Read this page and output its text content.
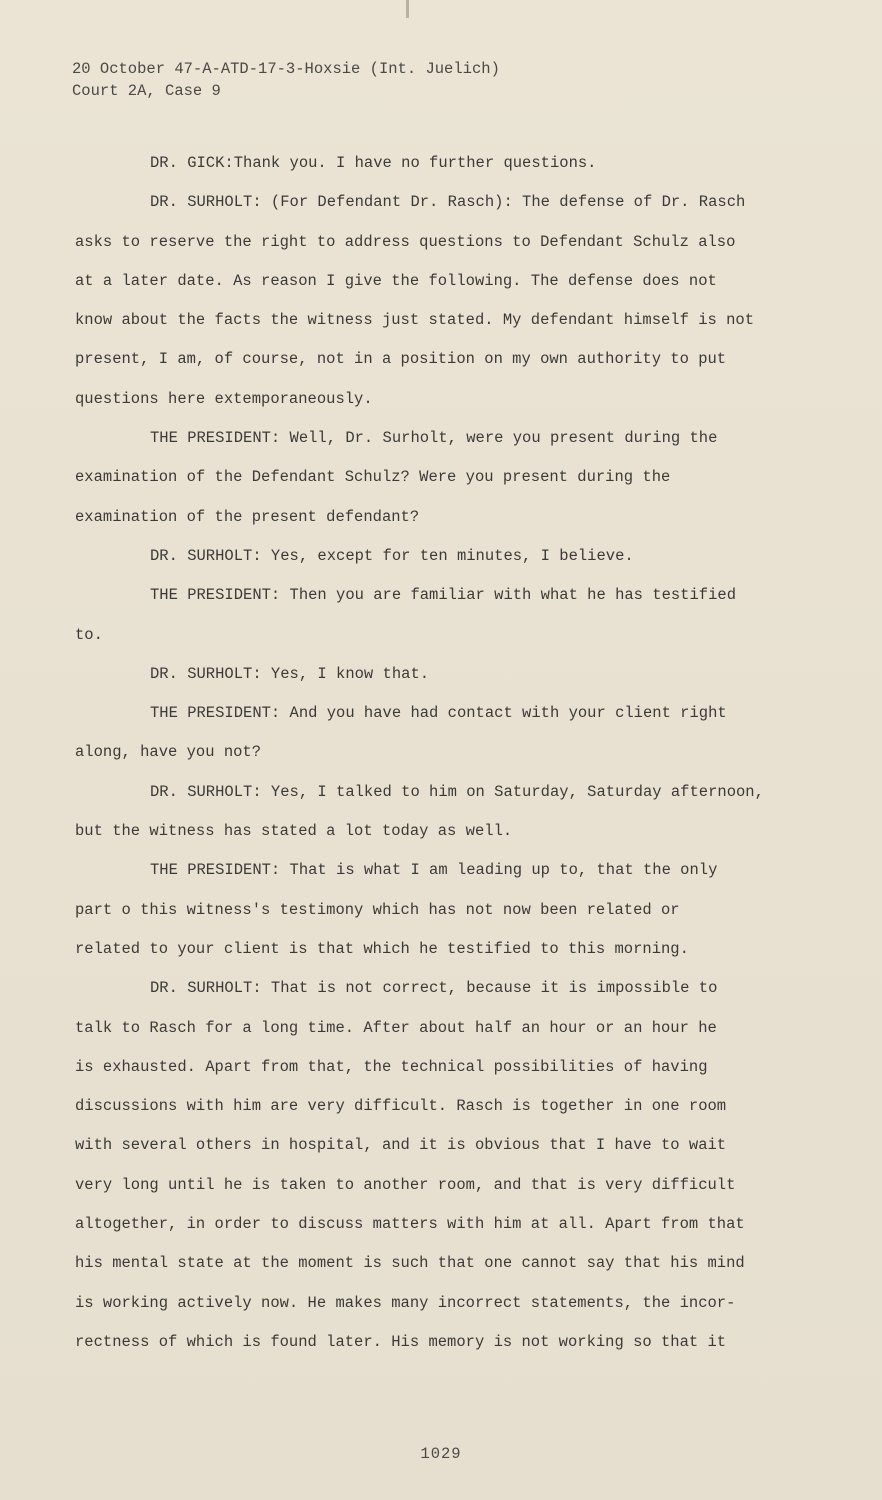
20 October 47-A-ATD-17-3-Hoxsie (Int. Juelich)
Court 2A, Case 9
DR. GICK:Thank you. I have no further questions.
DR. SURHOLT: (For Defendant Dr. Rasch): The defense of Dr. Rasch
asks to reserve the right to address questions to Defendant Schulz also
at a later date. As reason I give the following. The defense does not
know about the facts the witness just stated. My defendant himself is not
present, I am, of course, not in a position on my own authority to put
questions here extemporaneously.
THE PRESIDENT: Well, Dr. Surholt, were you present during the
examination of the Defendant Schulz? Were you present during the
examination of the present defendant?
DR. SURHOLT: Yes, except for ten minutes, I believe.
THE PRESIDENT: Then you are familiar with what he has testified
to.
DR. SURHOLT: Yes, I know that.
THE PRESIDENT: And you have had contact with your client right
along, have you not?
DR. SURHOLT: Yes, I talked to him on Saturday, Saturday afternoon,
but the witness has stated a lot today as well.
THE PRESIDENT: That is what I am leading up to, that the only
part o this witness's testimony which has not now been related or
related to your client is that which he testified to this morning.
DR. SURHOLT: That is not correct, because it is impossible to
talk to Rasch for a long time. After about half an hour or an hour he
is exhausted. Apart from that, the technical possibilities of having
discussions with him are very difficult. Rasch is together in one room
with several others in hospital, and it is obvious that I have to wait
very long until he is taken to another room, and that is very difficult
altogether, in order to discuss matters with him at all. Apart from that
his mental state at the moment is such that one cannot say that his mind
is working actively now. He makes many incorrect statements, the incor-
rectness of which is found later. His memory is not working so that it
1029
